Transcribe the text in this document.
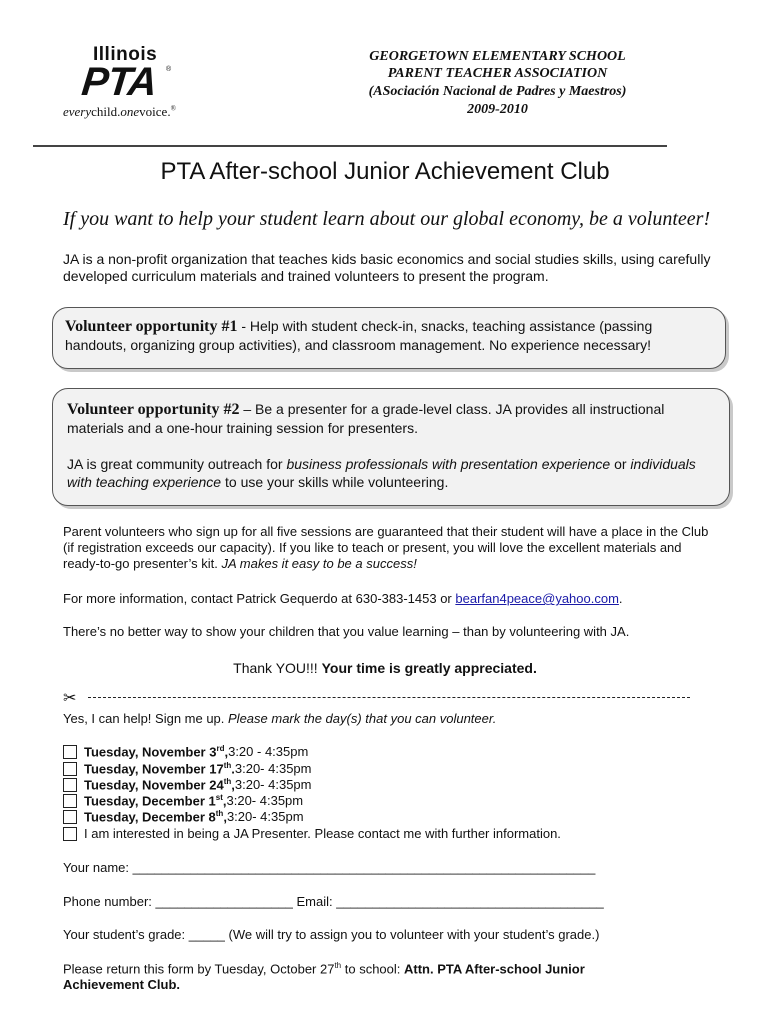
Illinois
PTA ®
everychild.onevoice.®
GEORGETOWN ELEMENTARY SCHOOL
PARENT TEACHER ASSOCIATION
(ASociación Nacional de Padres y Maestros)
2009-2010
PTA After-school Junior Achievement Club
If you want to help your student learn about our global economy, be a volunteer!
JA is a non-profit organization that teaches kids basic economics and social studies skills, using carefully developed curriculum materials and trained volunteers to present the program.
Volunteer opportunity #1 - Help with student check-in, snacks, teaching assistance (passing handouts, organizing group activities), and classroom management. No experience necessary!
Volunteer opportunity #2 – Be a presenter for a grade-level class. JA provides all instructional materials and a one-hour training session for presenters.
JA is great community outreach for business professionals with presentation experience or individuals with teaching experience to use your skills while volunteering.
Parent volunteers who sign up for all five sessions are guaranteed that their student will have a place in the Club (if registration exceeds our capacity). If you like to teach or present, you will love the excellent materials and ready-to-go presenter’s kit. JA makes it easy to be a success!
For more information, contact Patrick Gequerdo at 630-383-1453 or bearfan4peace@yahoo.com.
There’s no better way to show your children that you value learning – than by volunteering with JA.
Thank YOU!!! Your time is greatly appreciated.
✂
Yes, I can help! Sign me up. Please mark the day(s) that you can volunteer.
Tuesday, November 3rd, 3:20 - 4:35pm
Tuesday, November 17th. 3:20- 4:35pm
Tuesday, November 24th, 3:20- 4:35pm
Tuesday, December 1st, 3:20- 4:35pm
Tuesday, December 8th, 3:20- 4:35pm
I am interested in being a JA Presenter. Please contact me with further information.
Your name: ________________________________________________________________
Phone number: ___________________ Email: _____________________________________
Your student’s grade: _____ (We will try to assign you to volunteer with your student’s grade.)
Please return this form by Tuesday, October 27th to school: Attn. PTA After-school Junior Achievement Club.
